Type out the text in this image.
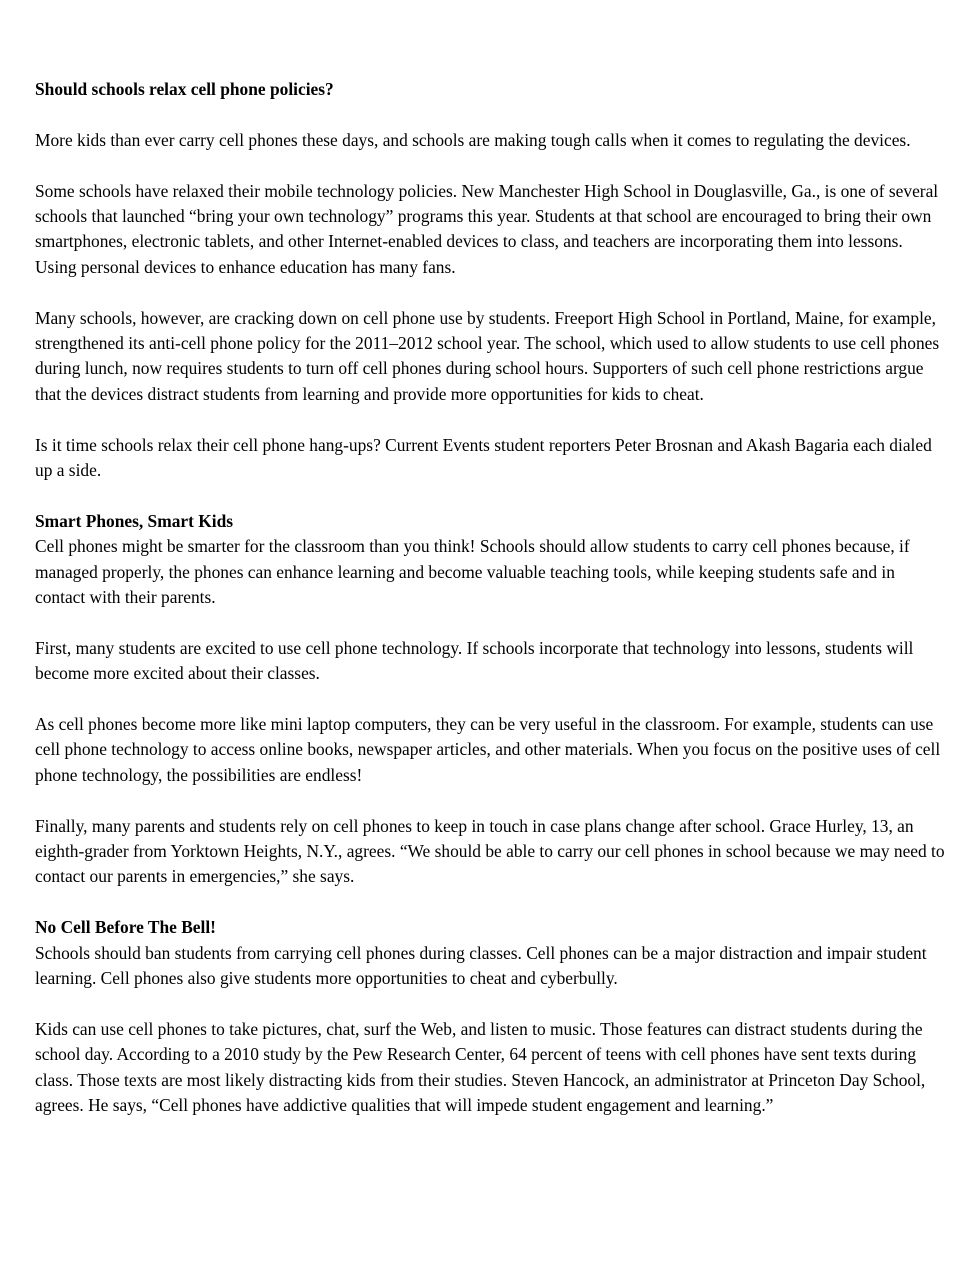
Should schools relax cell phone policies?

More kids than ever carry cell phones these days, and schools are making tough calls when it comes to regulating the devices.

Some schools have relaxed their mobile technology policies. New Manchester High School in Douglasville, Ga., is one of several schools that launched “bring your own technology” programs this year. Students at that school are encouraged to bring their own smartphones, electronic tablets, and other Internet-enabled devices to class, and teachers are incorporating them into lessons. Using personal devices to enhance education has many fans.

Many schools, however, are cracking down on cell phone use by students. Freeport High School in Portland, Maine, for example, strengthened its anti-cell phone policy for the 2011–2012 school year. The school, which used to allow students to use cell phones during lunch, now requires students to turn off cell phones during school hours. Supporters of such cell phone restrictions argue that the devices distract students from learning and provide more opportunities for kids to cheat.

Is it time schools relax their cell phone hang-ups? Current Events student reporters Peter Brosnan and Akash Bagaria each dialed up a side.

Smart Phones, Smart Kids
Cell phones might be smarter for the classroom than you think! Schools should allow students to carry cell phones because, if managed properly, the phones can enhance learning and become valuable teaching tools, while keeping students safe and in contact with their parents.

First, many students are excited to use cell phone technology. If schools incorporate that technology into lessons, students will become more excited about their classes.

As cell phones become more like mini laptop computers, they can be very useful in the classroom. For example, students can use cell phone technology to access online books, newspaper articles, and other materials. When you focus on the positive uses of cell phone technology, the possibilities are endless!

Finally, many parents and students rely on cell phones to keep in touch in case plans change after school. Grace Hurley, 13, an eighth-grader from Yorktown Heights, N.Y., agrees. “We should be able to carry our cell phones in school because we may need to contact our parents in emergencies,” she says.

No Cell Before The Bell!
Schools should ban students from carrying cell phones during classes. Cell phones can be a major distraction and impair student learning. Cell phones also give students more opportunities to cheat and cyberbully.

Kids can use cell phones to take pictures, chat, surf the Web, and listen to music. Those features can distract students during the school day. According to a 2010 study by the Pew Research Center, 64 percent of teens with cell phones have sent texts during class. Those texts are most likely distracting kids from their studies. Steven Hancock, an administrator at Princeton Day School, agrees. He says, “Cell phones have addictive qualities that will impede student engagement and learning.”
